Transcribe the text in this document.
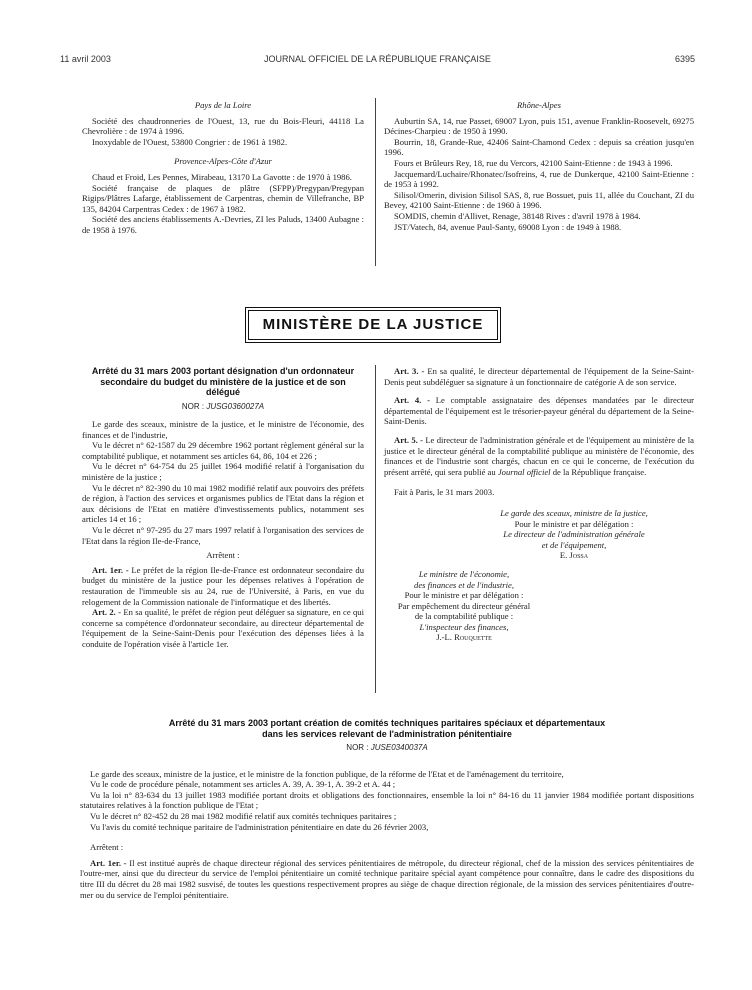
11 avril 2003	JOURNAL OFFICIEL DE LA RÉPUBLIQUE FRANÇAISE	6395
Pays de la Loire

Société des chaudronneries de l'Ouest, 13, rue du Bois-Fleuri, 44118 La Chevrolière : de 1974 à 1996.

Inoxydable de l'Ouest, 53800 Congrier : de 1961 à 1982.

Provence-Alpes-Côte d'Azur

Chaud et Froid, Les Pennes, Mirabeau, 13170 La Gavotte : de 1970 à 1986.

Société française de plaques de plâtre (SFPP)/Pregypan/Pregypan Rigips/Plâtres Lafarge, établissement de Carpentras, chemin de Villefranche, BP 135, 84204 Carpentras Cedex : de 1967 à 1982.

Société des anciens établissements A.-Devries, ZI les Paluds, 13400 Aubagne : de 1958 à 1976.

Rhône-Alpes

Auburtin SA, 14, rue Passet, 69007 Lyon, puis 151, avenue Franklin-Roosevelt, 69275 Décines-Charpieu : de 1950 à 1990.

Bourrin, 18, Grande-Rue, 42406 Saint-Chamond Cedex : depuis sa création jusqu'en 1996.

Fours et Brûleurs Rey, 18, rue du Vercors, 42100 Saint-Etienne : de 1943 à 1996.

Jacquemard/Luchaire/Rhonatec/Isofreins, 4, rue de Dunkerque, 42100 Saint-Etienne : de 1953 à 1992.

Silisol/Omerin, division Silisol SAS, 8, rue Bossuet, puis 11, allée du Couchant, ZI du Bevey, 42100 Saint-Etienne : de 1960 à 1996.

SOMDIS, chemin d'Allivet, Renage, 38148 Rives : d'avril 1978 à 1984.

JST/Vatech, 84, avenue Paul-Santy, 69008 Lyon : de 1949 à 1988.

MINISTÈRE DE LA JUSTICE
Arrêté du 31 mars 2003 portant désignation d'un ordonnateur secondaire du budget du ministère de la justice et de son délégué
NOR : JUSG0360027A

Le garde des sceaux, ministre de la justice, et le ministre de l'économie, des finances et de l'industrie,

Vu le décret n° 62-1587 du 29 décembre 1962 portant règlement général sur la comptabilité publique, et notamment ses articles 64, 86, 104 et 226 ;

Vu le décret n° 64-754 du 25 juillet 1964 modifié relatif à l'organisation du ministère de la justice ;

Vu le décret n° 82-390 du 10 mai 1982 modifié relatif aux pouvoirs des préfets de région, à l'action des services et organismes publics de l'Etat dans la région et aux décisions de l'Etat en matière d'investissements publics, notamment ses articles 14 et 16 ;

Vu le décret n° 97-295 du 27 mars 1997 relatif à l'organisation des services de l'Etat dans la région Ile-de-France,

Arrêtent :

Art. 1er. - Le préfet de la région Ile-de-France est ordonnateur secondaire du budget du ministère de la justice pour les dépenses relatives à l'opération de restauration de l'immeuble sis au 24, rue de l'Université, à Paris, en vue du relogement de la Commission nationale de l'informatique et des libertés.

Art. 2. - En sa qualité, le préfet de région peut déléguer sa signature, en ce qui concerne sa compétence d'ordonnateur secondaire, au directeur départemental de l'équipement de la Seine-Saint-Denis pour l'exécution des dépenses liées à la conduite de l'opération visée à l'article 1er.

Art. 3. - En sa qualité, le directeur départemental de l'équipement de la Seine-Saint-Denis peut subdéléguer sa signature à un fonctionnaire de catégorie A de son service.

Art. 4. - Le comptable assignataire des dépenses mandatées par le directeur départemental de l'équipement est le trésorier-payeur général du département de la Seine-Saint-Denis.

Art. 5. - Le directeur de l'administration générale et de l'équipement au ministère de la justice et le directeur général de la comptabilité publique au ministère de l'économie, des finances et de l'industrie sont chargés, chacun en ce qui le concerne, de l'exécution du présent arrêté, qui sera publié au Journal officiel de la République française.

Fait à Paris, le 31 mars 2003.

Le garde des sceaux, ministre de la justice,
Pour le ministre et par délégation :
Le directeur de l'administration générale
et de l'équipement,
E. Jossa
Le ministre de l'économie,
des finances et de l'industrie,
Pour le ministre et par délégation :
Par empêchement du directeur général
de la comptabilité publique :
L'inspecteur des finances,
J.-L. Rouquette
Arrêté du 31 mars 2003 portant création de comités techniques paritaires spéciaux et départementaux
dans les services relevant de l'administration pénitentiaire
NOR : JUSE0340037A

Le garde des sceaux, ministre de la justice, et le ministre de la fonction publique, de la réforme de l'Etat et de l'aménagement du territoire,

Vu le code de procédure pénale, notamment ses articles A. 39, A. 39-1, A. 39-2 et A. 44 ;

Vu la loi n° 83-634 du 13 juillet 1983 modifiée portant droits et obligations des fonctionnaires, ensemble la loi n° 84-16 du 11 janvier 1984 modifiée portant dispositions statutaires relatives à la fonction publique de l'Etat ;

Vu le décret n° 82-452 du 28 mai 1982 modifié relatif aux comités techniques paritaires ;

Vu l'avis du comité technique paritaire de l'administration pénitentiaire en date du 26 février 2003,

Arrêtent :

Art. 1er. - Il est institué auprès de chaque directeur régional des services pénitentiaires de métropole, du directeur régional, chef de la mission des services pénitentiaires de l'outre-mer, ainsi que du directeur du service de l'emploi pénitentiaire un comité technique paritaire spécial ayant compétence pour connaître, dans le cadre des dispositions du titre III du décret du 28 mai 1982 susvisé, de toutes les questions respectivement propres au siège de chaque direction régionale, de la mission des services pénitentiaires d'outre-mer ou du service de l'emploi pénitentiaire.
